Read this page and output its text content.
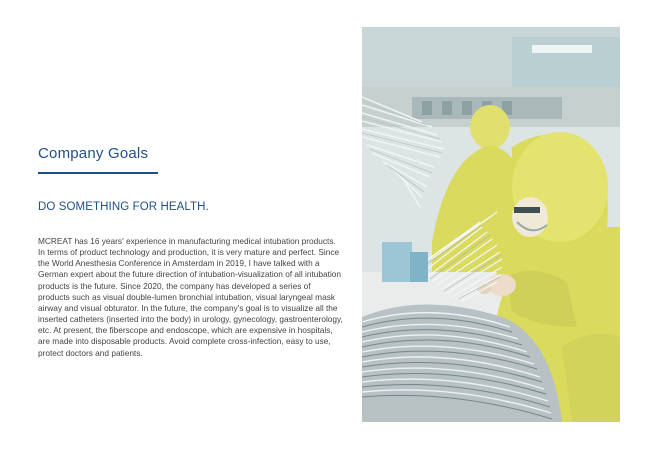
Company Goals
DO SOMETHING FOR HEALTH.
MCREAT has 16 years' experience in manufacturing medical intubation products. In terms of product technology and production, it is very mature and perfect. Since the World Anesthesia Conference in Amsterdam in 2019, I have talked with a German expert about the future direction of intubation-visualization of all intubation products is the future. Since 2020, the company has developed a series of products such as visual double-lumen bronchial intubation, visual laryngeal mask airway and visual obturator. In the future, the company's goal is to visualize all the inserted catheters (inserted into the body) in urology, gynecology, gastroenterology, etc. At present, the fiberscope and endoscope, which are expensive in hospitals, are made into disposable products. Avoid complete cross-infection, easy to use, protect doctors and patients.
